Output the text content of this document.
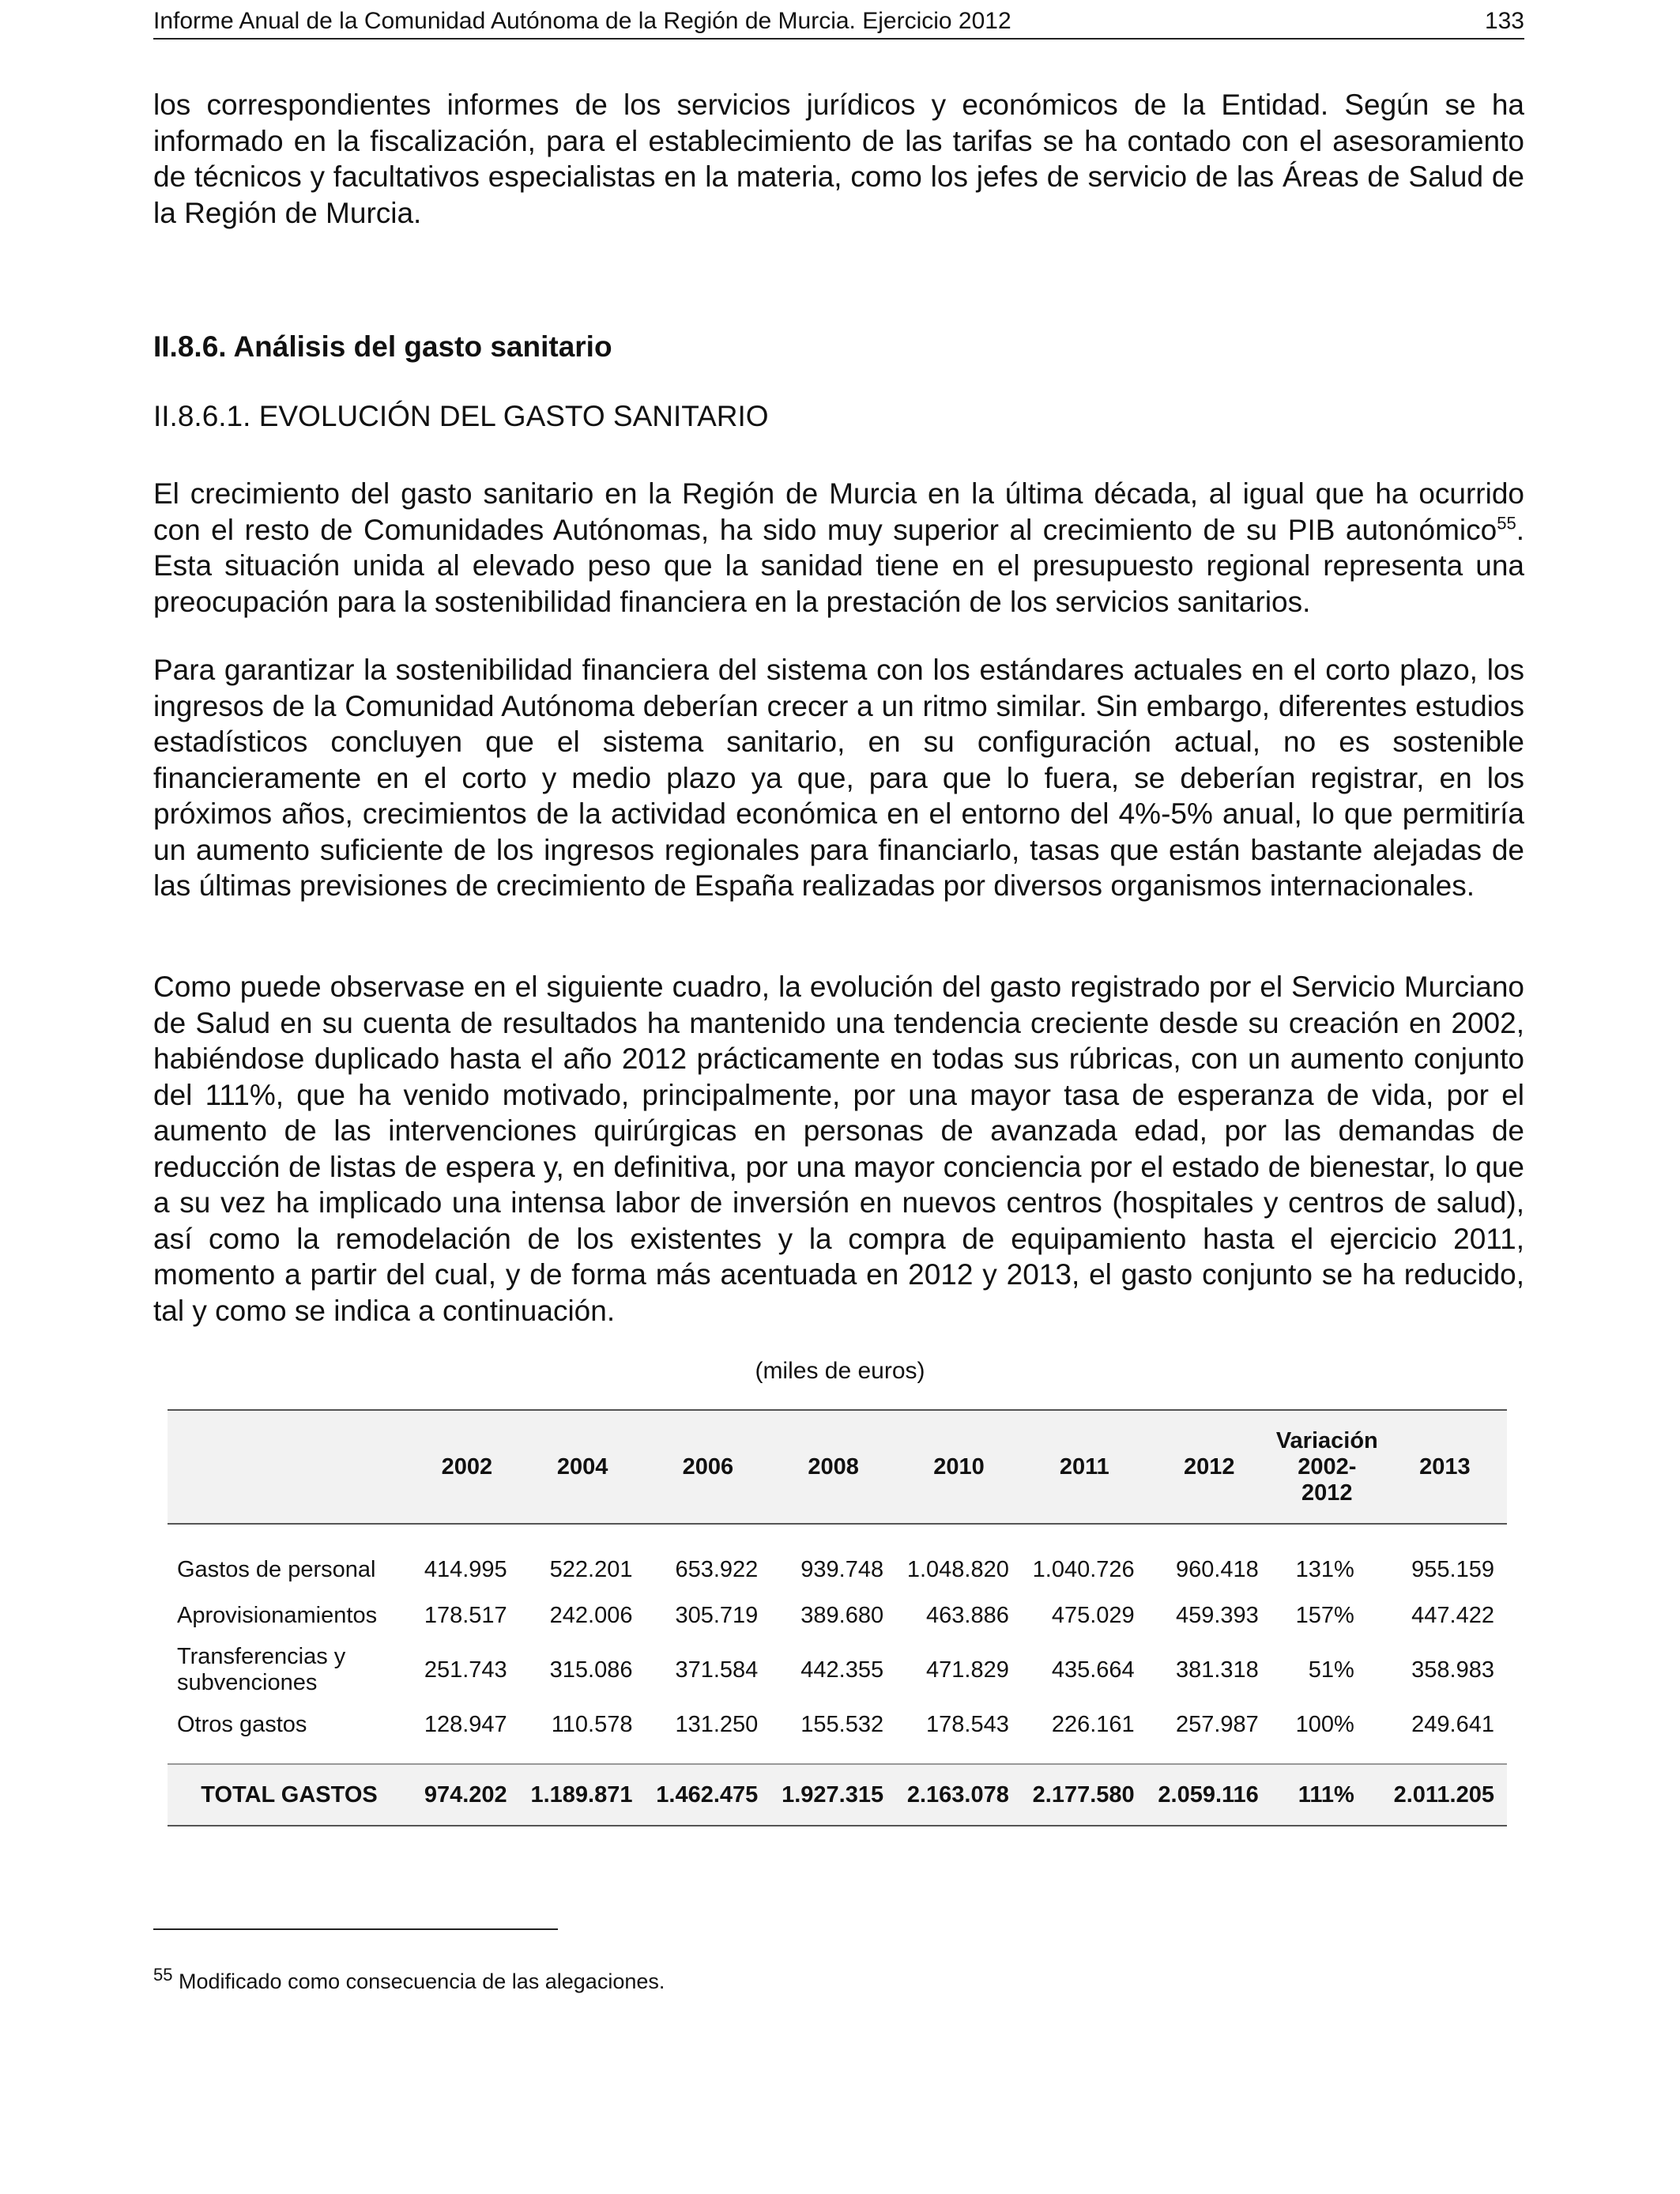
Informe Anual de la Comunidad Autónoma de la Región de Murcia. Ejercicio 2012	133

los correspondientes informes de los servicios jurídicos y económicos de la Entidad. Según se ha informado en la fiscalización, para el establecimiento de las tarifas se ha contado con el asesoramiento de técnicos y facultativos especialistas en la materia, como los jefes de servicio de las Áreas de Salud de la Región de Murcia.

II.8.6. Análisis del gasto sanitario
II.8.6.1. EVOLUCIÓN DEL GASTO SANITARIO

El crecimiento del gasto sanitario en la Región de Murcia en la última década, al igual que ha ocurrido con el resto de Comunidades Autónomas, ha sido muy superior al crecimiento de su PIB autonómico$^{55}$. Esta situación unida al elevado peso que la sanidad tiene en el presupuesto regional representa una preocupación para la sostenibilidad financiera en la prestación de los servicios sanitarios.

Para garantizar la sostenibilidad financiera del sistema con los estándares actuales en el corto plazo, los ingresos de la Comunidad Autónoma deberían crecer a un ritmo similar. Sin embargo, diferentes estudios estadísticos concluyen que el sistema sanitario, en su configuración actual, no es sostenible financieramente en el corto y medio plazo ya que, para que lo fuera, se deberían registrar, en los próximos años, crecimientos de la actividad económica en el entorno del 4%-5% anual, lo que permitiría un aumento suficiente de los ingresos regionales para financiarlo, tasas que están bastante alejadas de las últimas previsiones de crecimiento de España realizadas por diversos organismos internacionales.

Como puede observase en el siguiente cuadro, la evolución del gasto registrado por el Servicio Murciano de Salud en su cuenta de resultados ha mantenido una tendencia creciente desde su creación en 2002, habiéndose duplicado hasta el año 2012 prácticamente en todas sus rúbricas, con un aumento conjunto del 111%, que ha venido motivado, principalmente, por una mayor tasa de esperanza de vida, por el aumento de las intervenciones quirúrgicas en personas de avanzada edad, por las demandas de reducción de listas de espera y, en definitiva, por una mayor conciencia por el estado de bienestar, lo que a su vez ha implicado una intensa labor de inversión en nuevos centros (hospitales y centros de salud), así como la remodelación de los existentes y la compra de equipamiento hasta el ejercicio 2011, momento a partir del cual, y de forma más acentuada en 2012 y 2013, el gasto conjunto se ha reducido, tal y como se indica a continuación.

(miles de euros)
	2002	2004	2006	2008	2010	2011	2012	Variación 2002-2012	2013
Gastos de personal	414.995	522.201	653.922	939.748	1.048.820	1.040.726	960.418	131%	955.159
Aprovisionamientos	178.517	242.006	305.719	389.680	463.886	475.029	459.393	157%	447.422
Transferencias y subvenciones	251.743	315.086	371.584	442.355	471.829	435.664	381.318	51%	358.983
Otros gastos	128.947	110.578	131.250	155.532	178.543	226.161	257.987	100%	249.641

TOTAL GASTOS	974.202	1.189.871	1.462.475	1.927.315	2.163.078	2.177.580	2.059.116	111%	2.011.205

$^{55}$ Modificado como consecuencia de las alegaciones.
